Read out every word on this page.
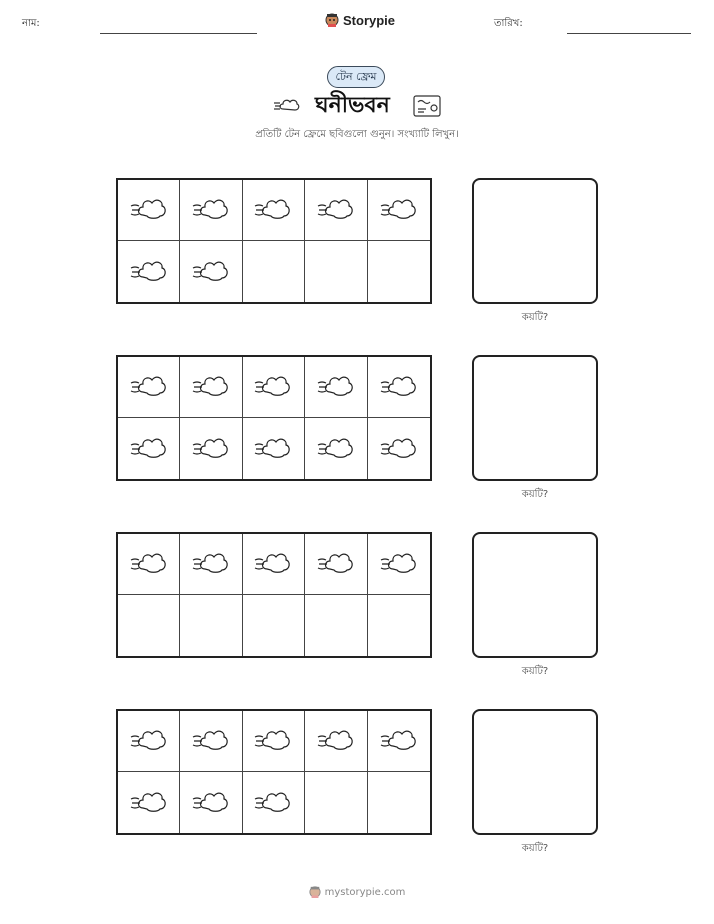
নাম:	Storypie	তারিখ:
টেন ফ্রেম
ঘনীভবন
প্রতিটি টেন ফ্রেমে ছবিগুলো গুনুন। সংখ্যাটি লিখুন।
কয়টি?
কয়টি?
কয়টি?
কয়টি?
mystorypie.com
